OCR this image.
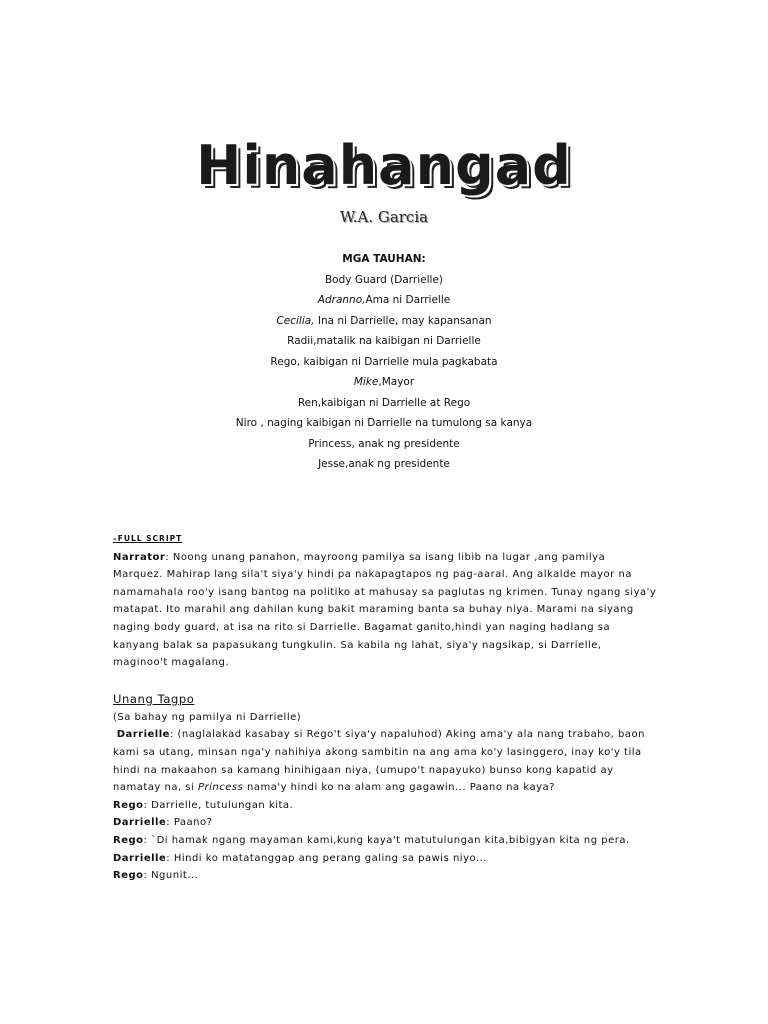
Hinahangad
W.A. Garcia
MGA TAUHAN:
Body Guard (Darrielle)
Adranno,Ama ni Darrielle
Cecilia, Ina ni Darrielle, may kapansanan
Radii,matalik na kaibigan ni Darrielle
Rego, kaibigan ni Darrielle mula pagkabata
Mike,Mayor
Ren,kaibigan ni Darrielle at Rego
Niro , naging kaibigan ni Darrielle na tumulong sa kanya
Princess, anak ng presidente
Jesse,anak ng presidente
–FULL SCRIPT

Narrator: Noong unang panahon, mayroong pamilya sa isang libib na lugar ,ang pamilya Marquez. Mahirap lang sila't siya'y hindi pa nakapagtapos ng pag-aaral. Ang alkalde mayor na namamahala roo'y isang bantog na politiko at mahusay sa paglutas ng krimen. Tunay ngang siya'y matapat. Ito marahil ang dahilan kung bakit maraming banta sa buhay niya. Marami na siyang naging body guard, at isa na rito si Darrielle. Bagamat ganito,hindi yan naging hadlang sa kanyang balak sa papasukang tungkulin. Sa kabila ng lahat, siya'y nagsikap, si Darrielle, maginoo't magalang.

Unang Tagpo

(Sa bahay ng pamilya ni Darrielle)

Darrielle: (naglalakad kasabay si Rego't siya'y napaluhod) Aking ama'y ala nang trabaho, baon kami sa utang, minsan nga'y nahihiya akong sambitin na ang ama ko'y lasinggero, inay ko'y tila hindi na makaahon sa kamang hinihigaan niya, (umupo't napayuko) bunso kong kapatid ay namatay na, si Princess nama'y hindi ko na alam ang gagawin... Paano na kaya?

Rego: Darrielle, tutulungan kita.

Darrielle: Paano?

Rego: `Di hamak ngang mayaman kami,kung kaya't matutulungan kita,bibigyan kita ng pera.

Darrielle: Hindi ko matatanggap ang perang galing sa pawis niyo...

Rego: Ngunit...
